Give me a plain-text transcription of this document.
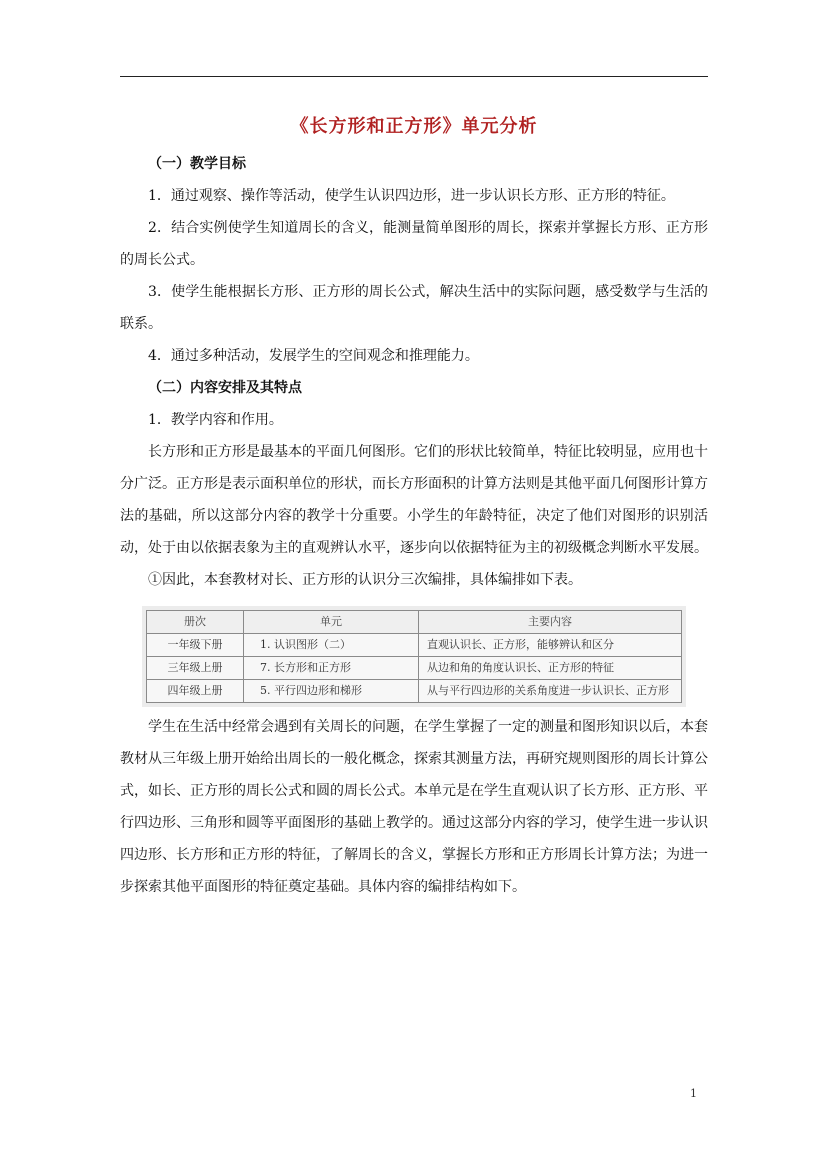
《长方形和正方形》单元分析

（一）教学目标

1．通过观察、操作等活动，使学生认识四边形，进一步认识长方形、正方形的特征。

2．结合实例使学生知道周长的含义，能测量简单图形的周长，探索并掌握长方形、正方形的周长公式。

3．使学生能根据长方形、正方形的周长公式，解决生活中的实际问题，感受数学与生活的联系。

4．通过多种活动，发展学生的空间观念和推理能力。

（二）内容安排及其特点

1．教学内容和作用。

长方形和正方形是最基本的平面几何图形。它们的形状比较简单，特征比较明显，应用也十分广泛。正方形是表示面积单位的形状，而长方形面积的计算方法则是其他平面几何图形计算方法的基础，所以这部分内容的教学十分重要。小学生的年龄特征，决定了他们对图形的识别活动，处于由以依据表象为主的直观辨认水平，逐步向以依据特征为主的初级概念判断水平发展。

①因此，本套教材对长、正方形的认识分三次编排，具体编排如下表。

册次	单元	主要内容
一年级下册	1. 认识图形（二）	直观认识长、正方形，能够辨认和区分
三年级上册	7. 长方形和正方形	从边和角的角度认识长、正方形的特征
四年级上册	5. 平行四边形和梯形	从与平行四边形的关系角度进一步认识长、正方形

学生在生活中经常会遇到有关周长的问题，在学生掌握了一定的测量和图形知识以后，本套教材从三年级上册开始给出周长的一般化概念，探索其测量方法，再研究规则图形的周长计算公式，如长、正方形的周长公式和圆的周长公式。本单元是在学生直观认识了长方形、正方形、平行四边形、三角形和圆等平面图形的基础上教学的。通过这部分内容的学习，使学生进一步认识四边形、长方形和正方形的特征，了解周长的含义，掌握长方形和正方形周长计算方法；为进一步探索其他平面图形的特征奠定基础。具体内容的编排结构如下。

1
